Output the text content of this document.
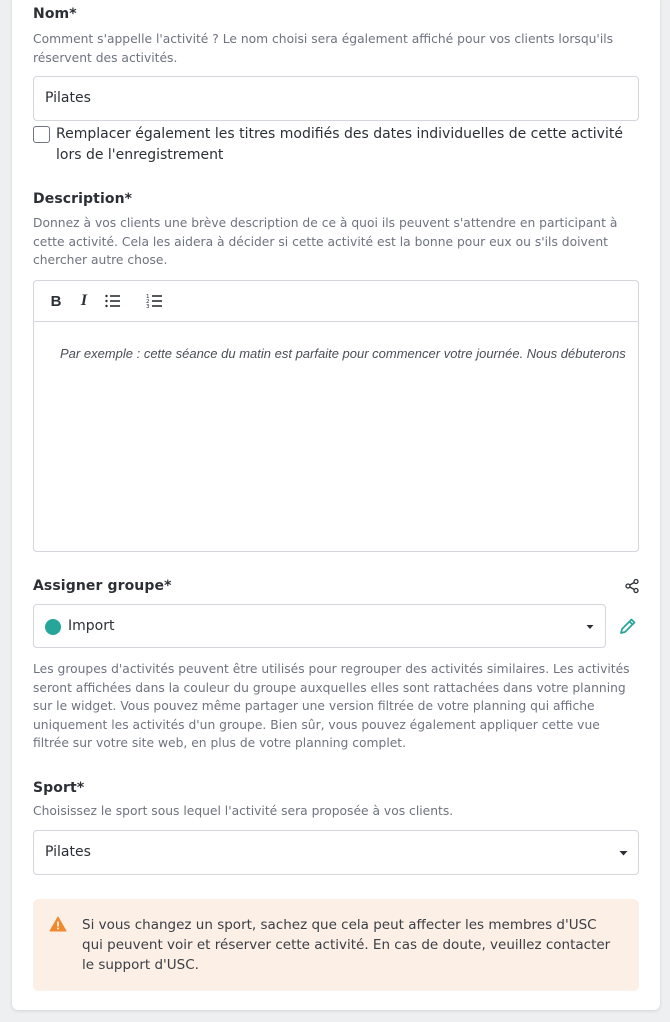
Nom*
Comment s'appelle l'activité ? Le nom choisi sera également affiché pour vos clients lorsqu'ils réservent des activités.
Pilates
Remplacer également les titres modifiés des dates individuelles de cette activité lors de l'enregistrement
Description*
Donnez à vos clients une brève description de ce à quoi ils peuvent s'attendre en participant à cette activité. Cela les aidera à décider si cette activité est la bonne pour eux ou s'ils doivent chercher autre chose.
B	I	1
2
3
Par exemple : cette séance du matin est parfaite pour commencer votre journée. Nous débuterons
Assigner groupe*
Import
Les groupes d'activités peuvent être utilisés pour regrouper des activités similaires. Les activités seront affichées dans la couleur du groupe auxquelles elles sont rattachées dans votre planning sur le widget. Vous pouvez même partager une version filtrée de votre planning qui affiche uniquement les activités d'un groupe. Bien sûr, vous pouvez également appliquer cette vue filtrée sur votre site web, en plus de votre planning complet.
Sport*
Choisissez le sport sous lequel l'activité sera proposée à vos clients.
Pilates
Si vous changez un sport, sachez que cela peut affecter les membres d'USC qui peuvent voir et réserver cette activité. En cas de doute, veuillez contacter le support d'USC.
